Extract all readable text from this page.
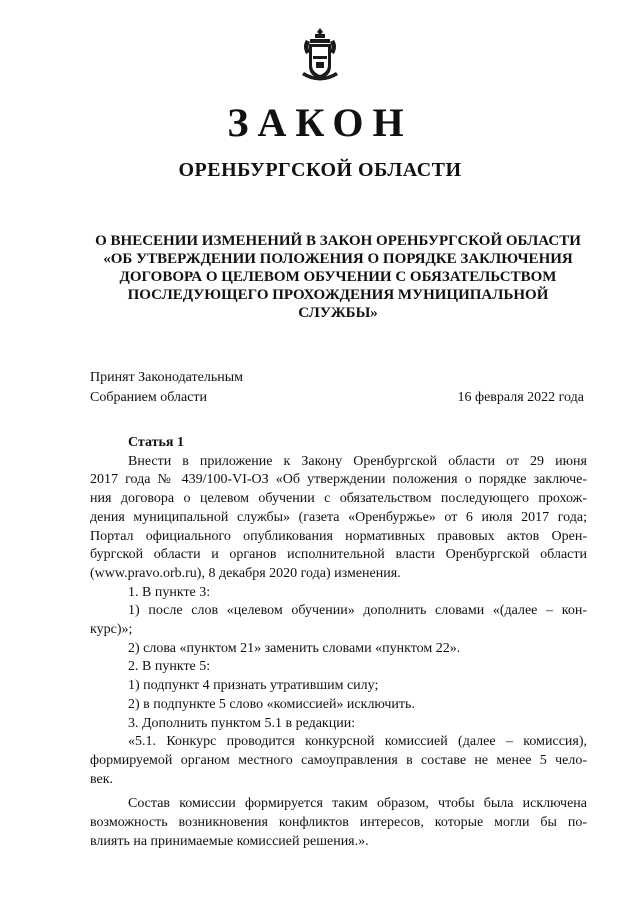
ЗАКОН
ОРЕНБУРГСКОЙ ОБЛАСТИ
О ВНЕСЕНИИ ИЗМЕНЕНИЙ В ЗАКОН ОРЕНБУРГСКОЙ ОБЛАСТИ
«ОБ УТВЕРЖДЕНИИ ПОЛОЖЕНИЯ О ПОРЯДКЕ ЗАКЛЮЧЕНИЯ
ДОГОВОРА О ЦЕЛЕВОМ ОБУЧЕНИИ С ОБЯЗАТЕЛЬСТВОМ
ПОСЛЕДУЮЩЕГО ПРОХОЖДЕНИЯ МУНИЦИПАЛЬНОЙ
СЛУЖБЫ»
Принят Законодательным
Собранием области	16 февраля 2022 года

Статья 1

Внести в приложение к Закону Оренбургской области от 29 июня

2017 года № 439/100-VI-ОЗ «Об утверждении положения о порядке заключе-

ния договора о целевом обучении с обязательством последующего прохож-

дения муниципальной службы» (газета «Оренбуржье» от 6 июля 2017 года;

Портал официального опубликования нормативных правовых актов Орен-

бургской области и органов исполнительной власти Оренбургской области

(www.pravo.orb.ru), 8 декабря 2020 года) изменения.

1. В пункте 3:

1) после слов «целевом обучении» дополнить словами «(далее – кон-

курс)»;

2) слова «пунктом 21» заменить словами «пунктом 22».

2. В пункте 5:

1) подпункт 4 признать утратившим силу;

2) в подпункте 5 слово «комиссией» исключить.

3. Дополнить пунктом 5.1 в редакции:

«5.1. Конкурс проводится конкурсной комиссией (далее – комиссия),

формируемой органом местного самоуправления в составе не менее 5 чело-

век.

Состав комиссии формируется таким образом, чтобы была исключена

возможность возникновения конфликтов интересов, которые могли бы по-

влиять на принимаемые комиссией решения.».
